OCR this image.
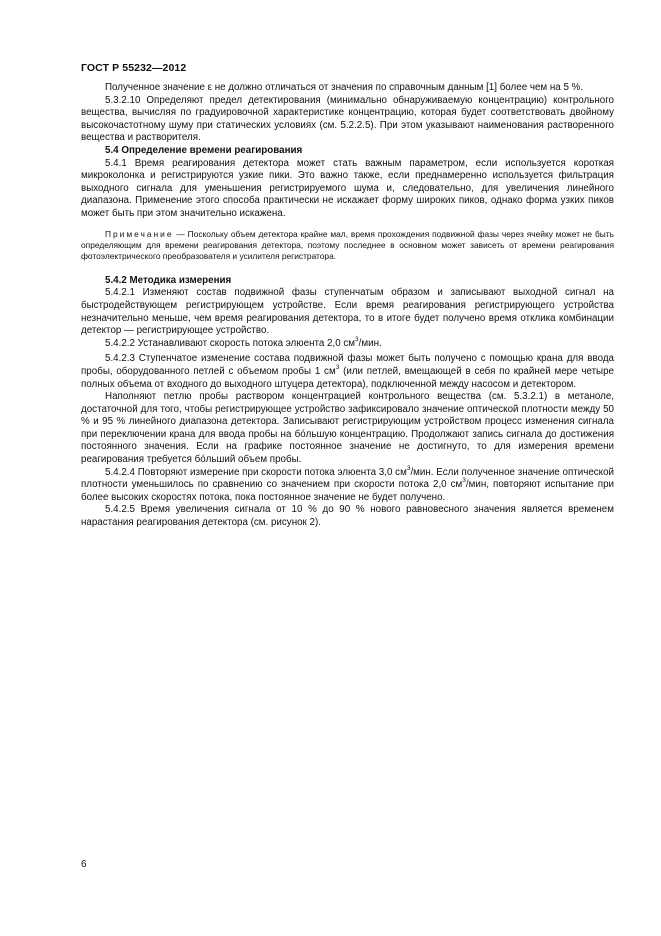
ГОСТ Р 55232—2012

Полученное значение ε не должно отличаться от значения по справочным данным [1] более чем на 5 %.

5.3.2.10 Определяют предел детектирования (минимально обнаруживаемую концентрацию) контрольного вещества, вычисляя по градуировочной характеристике концентрацию, которая будет соответствовать двойному высокочастотному шуму при статических условиях (см. 5.2.2.5). При этом указывают наименования растворенного вещества и растворителя.

5.4 Определение времени реагирования

5.4.1 Время реагирования детектора может стать важным параметром, если используется короткая микроколонка и регистрируются узкие пики. Это важно также, если преднамеренно используется фильтрация выходного сигнала для уменьшения регистрируемого шума и, следовательно, для увеличения линейного диапазона. Применение этого способа практически не искажает форму широких пиков, однако форма узких пиков может быть при этом значительно искажена.

Примечание — Поскольку объем детектора крайне мал, время прохождения подвижной фазы через ячейку может не быть определяющим для времени реагирования детектора, поэтому последнее в основном может зависеть от времени реагирования фотоэлектрического преобразователя и усилителя регистратора.

5.4.2 Методика измерения

5.4.2.1 Изменяют состав подвижной фазы ступенчатым образом и записывают выходной сигнал на быстродействующем регистрирующем устройстве. Если время реагирования регистрирующего устройства незначительно меньше, чем время реагирования детектора, то в итоге будет получено время отклика комбинации детектор — регистрирующее устройство.

5.4.2.2 Устанавливают скорость потока элюента 2,0 $см^3$/мин.

5.4.2.3 Ступенчатое изменение состава подвижной фазы может быть получено с помощью крана для ввода пробы, оборудованного петлей с объемом пробы 1 $см^3$ (или петлей, вмещающей в себя по крайней мере четыре полных объема от входного до выходного штуцера детектора), подключенной между насосом и детектором.

Наполняют петлю пробы раствором концентрацией контрольного вещества (см. 5.3.2.1) в метаноле, достаточной для того, чтобы регистрирующее устройство зафиксировало значение оптической плотности между 50 % и 95 % линейного диапазона детектора. Записывают регистрирующим устройством процесс изменения сигнала при переключении крана для ввода пробы на бóльшую концентрацию. Продолжают запись сигнала до достижения постоянного значения. Если на графике постоянное значение не достигнуто, то для измерения времени реагирования требуется бóльший объем пробы.

5.4.2.4 Повторяют измерение при скорости потока элюента 3,0 $см^3$/мин. Если полученное значение оптической плотности уменьшилось по сравнению со значением при скорости потока 2,0 $см^3$/мин, повторяют испытание при более высоких скоростях потока, пока постоянное значение не будет получено.

5.4.2.5 Время увеличения сигнала от 10 % до 90 % нового равновесного значения является временем нарастания реагирования детектора (см. рисунок 2).

6
